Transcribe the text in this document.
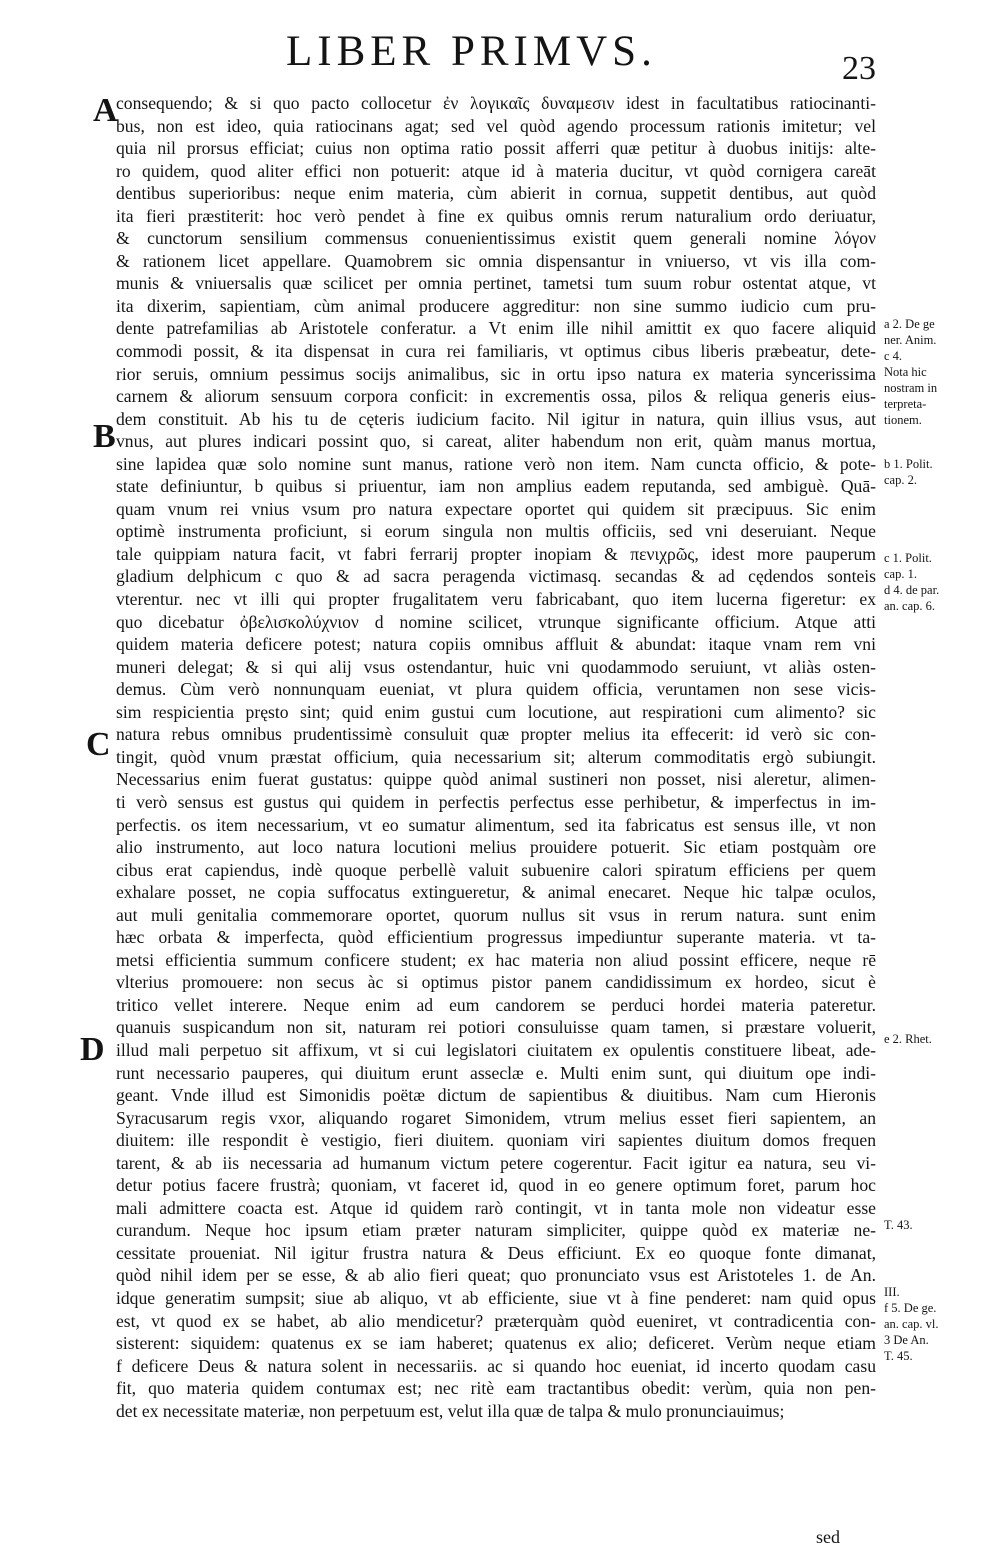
LIBER PRIMVS.	23
A
B
C
D
consequendo; & si quo pacto collocetur ἐν λογικαῖς δυναμεσιν idest in facultatibus ratiocinanti-
bus, non est ideo, quia ratiocinans agat; sed vel quòd agendo processum rationis imitetur; vel
quia nil prorsus efficiat; cuius non optima ratio possit afferri quæ petitur à duobus initijs: alte-
ro quidem, quod aliter effici non potuerit: atque id à materia ducitur, vt quòd cornigera careāt
dentibus superioribus: neque enim materia, cùm abierit in cornua, suppetit dentibus, aut quòd
ita fieri præstiterit: hoc verò pendet à fine ex quibus omnis rerum naturalium ordo deriuatur,
& cunctorum sensilium commensus conuenientissimus existit quem generali nomine λόγον
& rationem licet appellare. Quamobrem sic omnia dispensantur in vniuerso, vt vis illa com-
munis & vniuersalis quæ scilicet per omnia pertinet, tametsi tum suum robur ostentat atque, vt
ita dixerim, sapientiam, cùm animal producere aggreditur: non sine summo iudicio cum pru-
dente patrefamilias ab Aristotele conferatur. a Vt enim ille nihil amittit ex quo facere aliquid
commodi possit, & ita dispensat in cura rei familiaris, vt optimus cibus liberis præbeatur, dete-
rior seruis, omnium pessimus socijs animalibus, sic in ortu ipso natura ex materia syncerissima
carnem & aliorum sensuum corpora conficit: in excrementis ossa, pilos & reliqua generis eius-
dem constituit. Ab his tu de cęteris iudicium facito. Nil igitur in natura, quin illius vsus, aut
vnus, aut plures indicari possint quo, si careat, aliter habendum non erit, quàm manus mortua,
sine lapidea quæ solo nomine sunt manus, ratione verò non item. Nam cuncta officio, & pote-
state definiuntur, b quibus si priuentur, iam non amplius eadem reputanda, sed ambiguè. Quā-
quam vnum rei vnius vsum pro natura expectare oportet qui quidem sit præcipuus. Sic enim
optimè instrumenta proficiunt, si eorum singula non multis officiis, sed vni deseruiant. Neque
tale quippiam natura facit, vt fabri ferrarij propter inopiam & πενιχρῶς, idest more pauperum
gladium delphicum c quo & ad sacra peragenda victimasq. secandas & ad cędendos sonteis
vterentur. nec vt illi qui propter frugalitatem veru fabricabant, quo item lucerna figeretur: ex
quo dicebatur ὀβελισκολύχνιον d nomine scilicet, vtrunque significante officium. Atque atti
quidem materia deficere potest; natura copiis omnibus affluit & abundat: itaque vnam rem vni
muneri delegat; & si qui alij vsus ostendantur, huic vni quodammodo seruiunt, vt aliàs osten-
demus. Cùm verò nonnunquam eueniat, vt plura quidem officia, veruntamen non sese vicis-
sim respicientia pręsto sint; quid enim gustui cum locutione, aut respirationi cum alimento? sic
natura rebus omnibus prudentissimè consuluit quæ propter melius ita effecerit: id verò sic con-
tingit, quòd vnum præstat officium, quia necessarium sit; alterum commoditatis ergò subiungit.
Necessarius enim fuerat gustatus: quippe quòd animal sustineri non posset, nisi aleretur, alimen-
ti verò sensus est gustus qui quidem in perfectis perfectus esse perhibetur, & imperfectus in im-
perfectis. os item necessarium, vt eo sumatur alimentum, sed ita fabricatus est sensus ille, vt non
alio instrumento, aut loco natura locutioni melius prouidere potuerit. Sic etiam postquàm ore
cibus erat capiendus, indè quoque perbellè valuit subuenire calori spiratum efficiens per quem
exhalare posset, ne copia suffocatus extingueretur, & animal enecaret. Neque hic talpæ oculos,
aut muli genitalia commemorare oportet, quorum nullus sit vsus in rerum natura. sunt enim
hæc orbata & imperfecta, quòd efficientium progressus impediuntur superante materia. vt ta-
metsi efficientia summum conficere student; ex hac materia non aliud possint efficere, neque rē
vlterius promouere: non secus àc si optimus pistor panem candidissimum ex hordeo, sicut è
tritico vellet interere. Neque enim ad eum candorem se perduci hordei materia pateretur.
quanuis suspicandum non sit, naturam rei potiori consuluisse quam tamen, si præstare voluerit,
illud mali perpetuo sit affixum, vt si cui legislatori ciuitatem ex opulentis constituere libeat, ade-
runt necessario pauperes, qui diuitum erunt asseclæ e. Multi enim sunt, qui diuitum ope indi-
geant. Vnde illud est Simonidis poëtæ dictum de sapientibus & diuitibus. Nam cum Hieronis
Syracusarum regis vxor, aliquando rogaret Simonidem, vtrum melius esset fieri sapientem, an
diuitem: ille respondit è vestigio, fieri diuitem. quoniam viri sapientes diuitum domos frequen
tarent, & ab iis necessaria ad humanum victum petere cogerentur. Facit igitur ea natura, seu vi-
detur potius facere frustrà; quoniam, vt faceret id, quod in eo genere optimum foret, parum hoc
mali admittere coacta est. Atque id quidem rarò contingit, vt in tanta mole non videatur esse
curandum. Neque hoc ipsum etiam præter naturam simpliciter, quippe quòd ex materiæ ne-
cessitate proueniat. Nil igitur frustra natura & Deus efficiunt. Ex eo quoque fonte dimanat,
quòd nihil idem per se esse, & ab alio fieri queat; quo pronunciato vsus est Aristoteles 1. de An.
idque generatim sumpsit; siue ab aliquo, vt ab efficiente, siue vt à fine penderet: nam quid opus
est, vt quod ex se habet, ab alio mendicetur? præterquàm quòd eueniret, vt contradicentia con-
sisterent: siquidem: quatenus ex se iam haberet; quatenus ex alio; deficeret. Verùm neque etiam
f deficere Deus & natura solent in necessariis. ac si quando hoc eueniat, id incerto quodam casu
fit, quo materia quidem contumax est; nec ritè eam tractantibus obedit: verùm, quia non pen-
det ex necessitate materiæ, non perpetuum est, velut illa quæ de talpa & mulo pronunciauimus;
a 2. De ge
ner. Anim.
c 4.
Nota hic
nostram in
terpreta-
tionem.
b 1. Polit.
cap. 2.
c 1. Polit.
cap. 1.
d 4. de par.
an. cap. 6.
e 2. Rhet.
T. 43.
III.
f 5. De ge.
an. cap. vl.
3 De An.
T. 45.
sed
